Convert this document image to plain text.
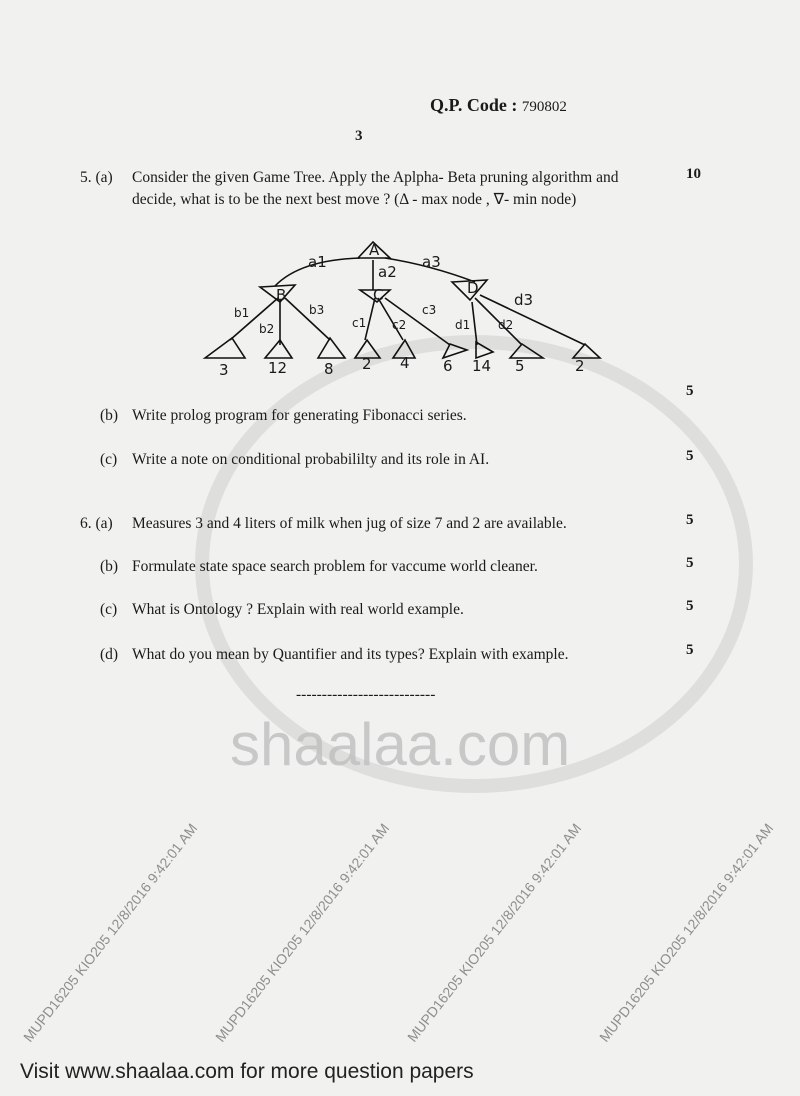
shaalaa.com
Q.P. Code : 790802
3
5. (a) Consider the given Game Tree. Apply the Aplpha- Beta pruning algorithm and
decide, what is to be the next best move ? (Δ - max node , ∇- min node)
10
A
B	C	D
a1
a2
a3
b1
b2
b3
c1 c2
c3
d1 d2
d3
3	12 8 2 4 6 14 5	2
5
(b) Write prolog program for generating Fibonacci series.
(c) Write a note on conditional probabililty and its role in AI.	5
6. (a) Measures 3 and 4 liters of milk when jug of size 7 and 2 are available.	5
(b) Formulate state space search problem for vaccume world cleaner.	5
(c) What is Ontology ? Explain with real world example.	5
(d) What do you mean by Quantifier and its types? Explain with example.	5
---------------------------
MUPD16205 KIO205 12/8/2016 9:42:01 AM MUPD16205 KIO205 12/8/2016 9:42:01 AM MUPD16205 KIO205 12/8/2016 9:42:01 AM MUPD16205 KIO205 12/8/2016 9:42:01 AM
Visit www.shaalaa.com for more question papers
